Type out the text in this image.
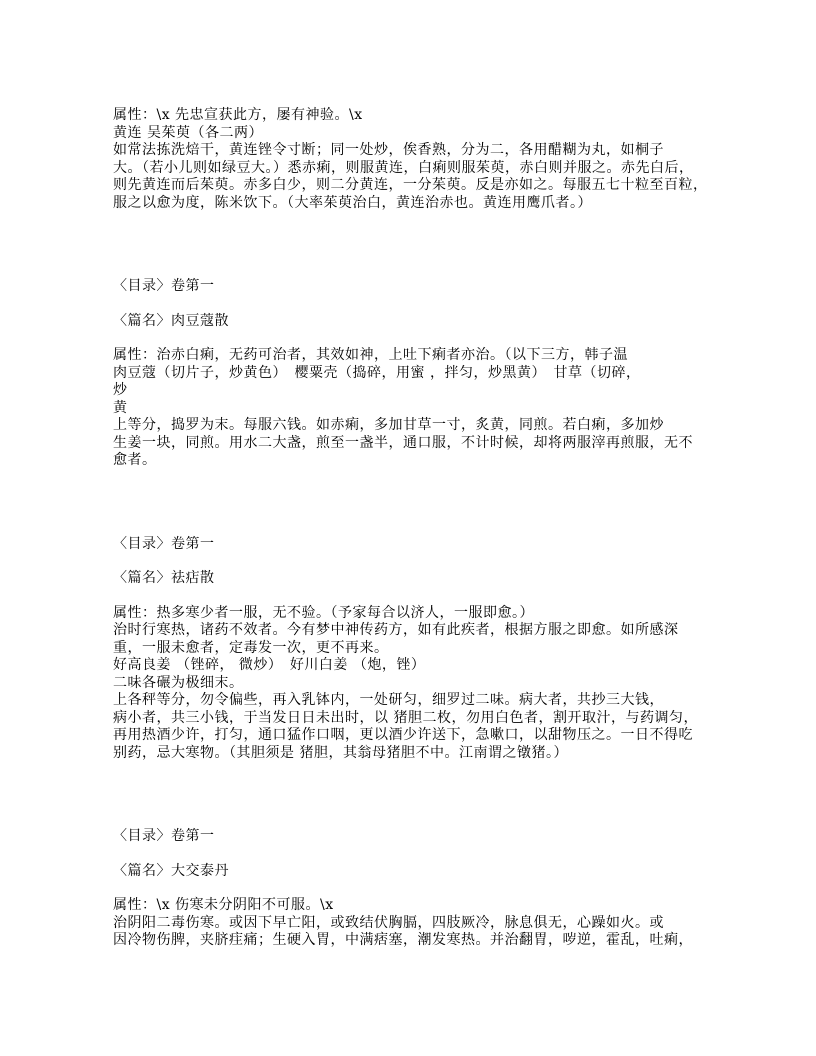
属性：\x 先忠宣获此方，屡有神验。\x
黄连 吴茱萸（各二两）
如常法拣洗焙干，黄连锉令寸断；同一处炒，俟香熟，分为二，各用醋糊为丸，如桐子
大。（若小儿则如绿豆大。）悉赤痢，则服黄连，白痢则服茱萸，赤白则并服之。赤先白后，
则先黄连而后茱萸。赤多白少，则二分黄连，一分茱萸。反是亦如之。每服五七十粒至百粒，
服之以愈为度，陈米饮下。（大率茱萸治白，黄连治赤也。黄连用鹰爪者。）
〈目录〉卷第一
〈篇名〉肉豆蔻散
属性：治赤白痢，无药可治者，其效如神，上吐下痢者亦治。（以下三方，韩子温
肉豆蔻（切片子，炒黄色）　樱粟壳（捣碎，用蜜 ，拌匀，炒黑黄）　甘草（切碎，
炒
黄
上等分，捣罗为末。每服六钱。如赤痢，多加甘草一寸，炙黄，同煎。若白痢，多加炒
生姜一块，同煎。用水二大盏，煎至一盏半，通口服，不计时候，却将两服滓再煎服，无不
愈者。
〈目录〉卷第一
〈篇名〉祛痁散
属性：热多寒少者一服，无不验。（予家每合以济人，一服即愈。）
治时行寒热，诸药不效者。今有梦中神传药方，如有此疾者，根据方服之即愈。如所感深
重，一服未愈者，定毒发一次，更不再来。
好高良姜 （锉碎， 微炒）　好川白姜 （炮，锉）
二味各碾为极细末。
上各秤等分，勿令偏些，再入乳钵内，一处研匀，细罗过二味。病大者，共抄三大钱，
病小者，共三小钱，于当发日日未出时，以 猪胆二枚，勿用白色者，割开取汁，与药调匀，
再用热酒少许，打匀，通口猛作口咽，更以酒少许送下，急嗽口，以甜物压之。一日不得吃
别药，忌大寒物。（其胆须是 猪胆，其翁母猪胆不中。江南谓之镦猪。）
〈目录〉卷第一
〈篇名〉大交泰丹
属性：\x 伤寒未分阴阳不可服。\x
治阴阳二毒伤寒。或因下早亡阳，或致结伏胸膈，四肢厥冷，脉息俱无，心躁如火。或
因冷物伤脾，夹脐疰痛；生硬入胃，中满痞塞，潮发寒热。并治翻胃，哕逆，霍乱，吐痢，
